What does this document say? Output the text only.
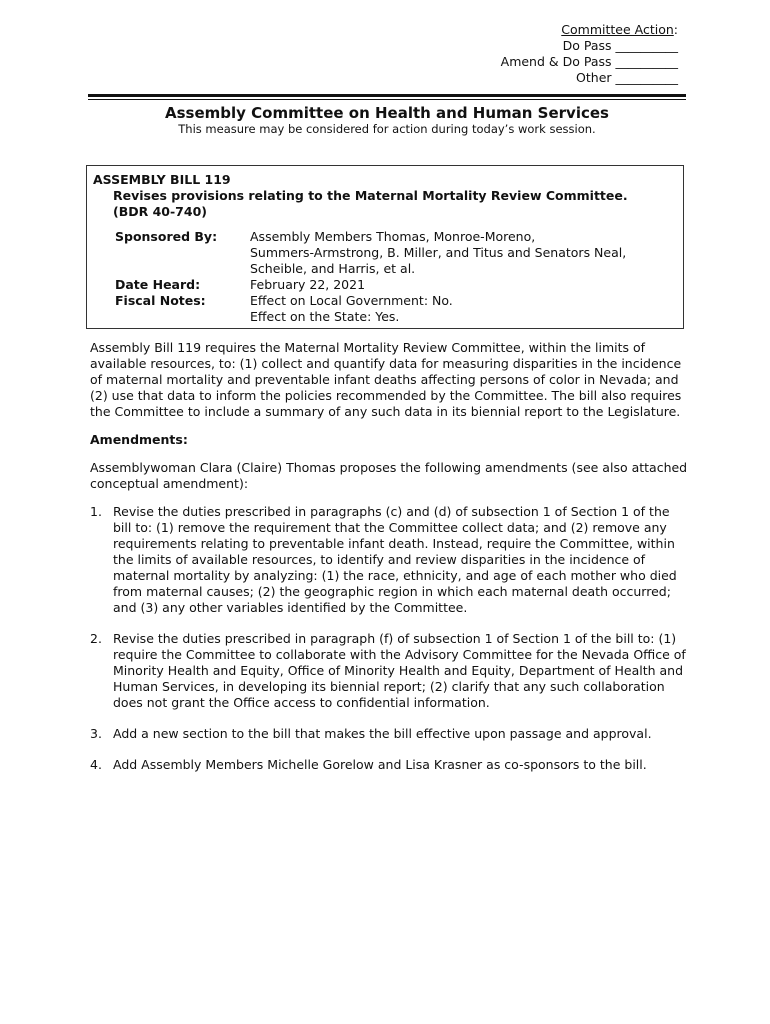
Committee Action:
Do Pass __________
Amend & Do Pass __________
Other __________
Assembly Committee on Health and Human Services
This measure may be considered for action during today’s work session.
ASSEMBLY BILL 119
Revises provisions relating to the Maternal Mortality Review Committee.
(BDR 40-740)
Sponsored By:	Assembly Members Thomas, Monroe-Moreno,
Summers-Armstrong, B. Miller, and Titus and Senators Neal,
Scheible, and Harris, et al.
Date Heard:	February 22, 2021
Fiscal Notes:	Effect on Local Government: No.
Effect on the State: Yes.

Assembly Bill 119 requires the Maternal Mortality Review Committee, within the limits of available resources, to: (1) collect and quantify data for measuring disparities in the incidence of maternal mortality and preventable infant deaths affecting persons of color in Nevada; and (2) use that data to inform the policies recommended by the Committee. The bill also requires the Committee to include a summary of any such data in its biennial report to the Legislature.

Amendments:

Assemblywoman Clara (Claire) Thomas proposes the following amendments (see also attached conceptual amendment):

1. Revise the duties prescribed in paragraphs (c) and (d) of subsection 1 of Section 1 of the bill to: (1) remove the requirement that the Committee collect data; and (2) remove any requirements relating to preventable infant death. Instead, require the Committee, within the limits of available resources, to identify and review disparities in the incidence of maternal mortality by analyzing: (1) the race, ethnicity, and age of each mother who died from maternal causes; (2) the geographic region in which each maternal death occurred; and (3) any other variables identified by the Committee.
2. Revise the duties prescribed in paragraph (f) of subsection 1 of Section 1 of the bill to: (1) require the Committee to collaborate with the Advisory Committee for the Nevada Office of Minority Health and Equity, Office of Minority Health and Equity, Department of Health and Human Services, in developing its biennial report; (2) clarify that any such collaboration does not grant the Office access to confidential information.
3. Add a new section to the bill that makes the bill effective upon passage and approval.
4. Add Assembly Members Michelle Gorelow and Lisa Krasner as co-sponsors to the bill.
